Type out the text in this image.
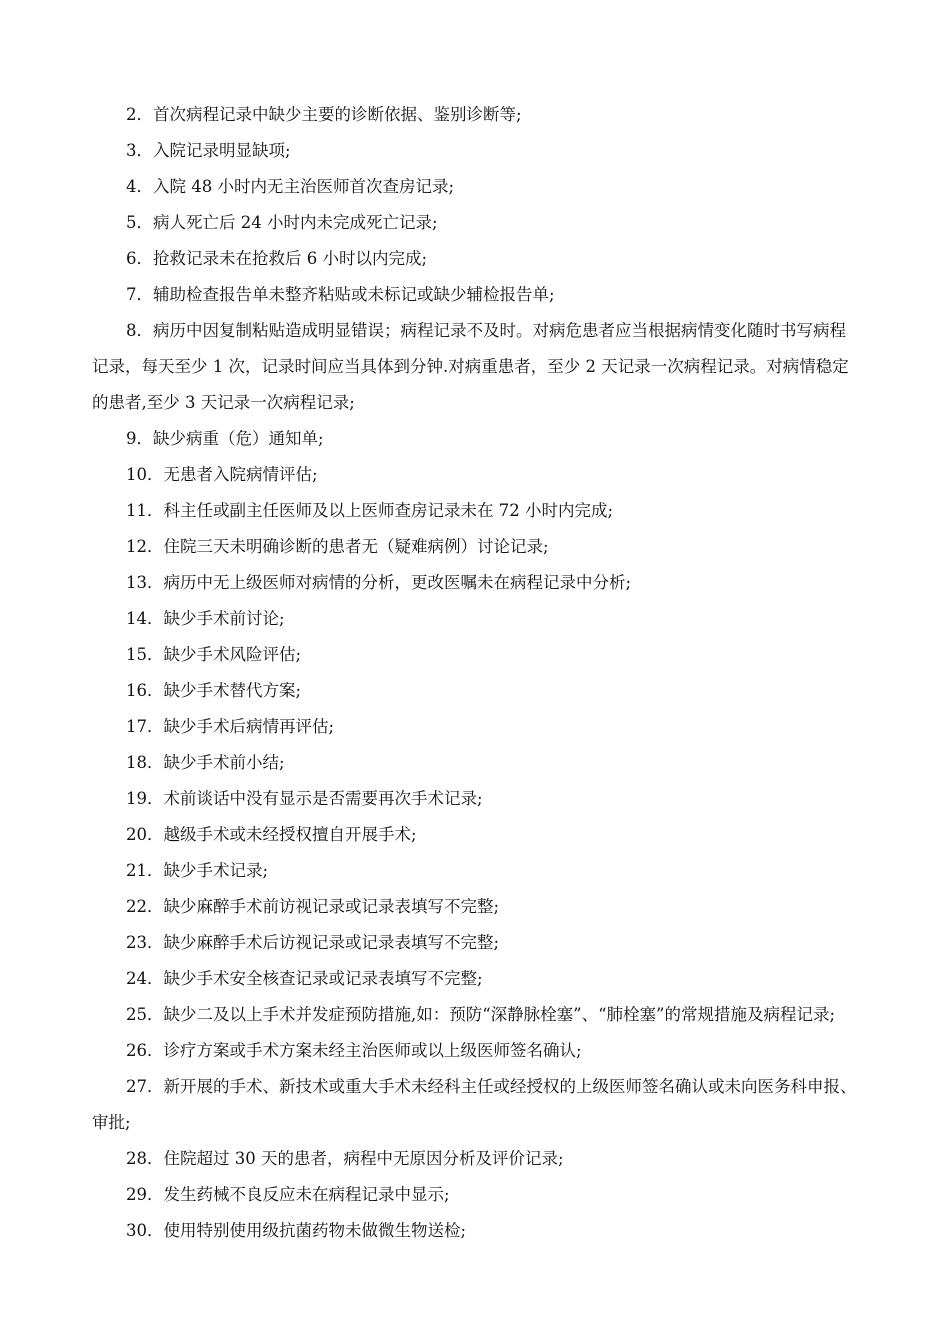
2．首次病程记录中缺少主要的诊断依据、鉴别诊断等;

3．入院记录明显缺项;

4．入院 48 小时内无主治医师首次查房记录;

5．病人死亡后 24 小时内未完成死亡记录;

6．抢救记录未在抢救后 6 小时以内完成;

7．辅助检查报告单未整齐粘贴或未标记或缺少辅检报告单;

8．病历中因复制粘贴造成明显错误；病程记录不及时。对病危患者应当根据病情变化随时书写病程记录，每天至少 1 次，记录时间应当具体到分钟.对病重患者，至少 2 天记录一次病程记录。对病情稳定的患者,至少 3 天记录一次病程记录;

9．缺少病重（危）通知单;

10．无患者入院病情评估;

11．科主任或副主任医师及以上医师查房记录未在 72 小时内完成;

12．住院三天未明确诊断的患者无（疑难病例）讨论记录;

13．病历中无上级医师对病情的分析，更改医嘱未在病程记录中分析;

14．缺少手术前讨论;

15．缺少手术风险评估;

16．缺少手术替代方案;

17．缺少手术后病情再评估;

18．缺少手术前小结;

19．术前谈话中没有显示是否需要再次手术记录;

20．越级手术或未经授权擅自开展手术;

21．缺少手术记录;

22．缺少麻醉手术前访视记录或记录表填写不完整;

23．缺少麻醉手术后访视记录或记录表填写不完整;

24．缺少手术安全核查记录或记录表填写不完整;

25．缺少二及以上手术并发症预防措施,如：预防“深静脉栓塞”、“肺栓塞”的常规措施及病程记录;

26．诊疗方案或手术方案未经主治医师或以上级医师签名确认;

27．新开展的手术、新技术或重大手术未经科主任或经授权的上级医师签名确认或未向医务科申报、审批;

28．住院超过 30 天的患者，病程中无原因分析及评价记录;

29．发生药械不良反应未在病程记录中显示;

30．使用特别使用级抗菌药物未做微生物送检;
